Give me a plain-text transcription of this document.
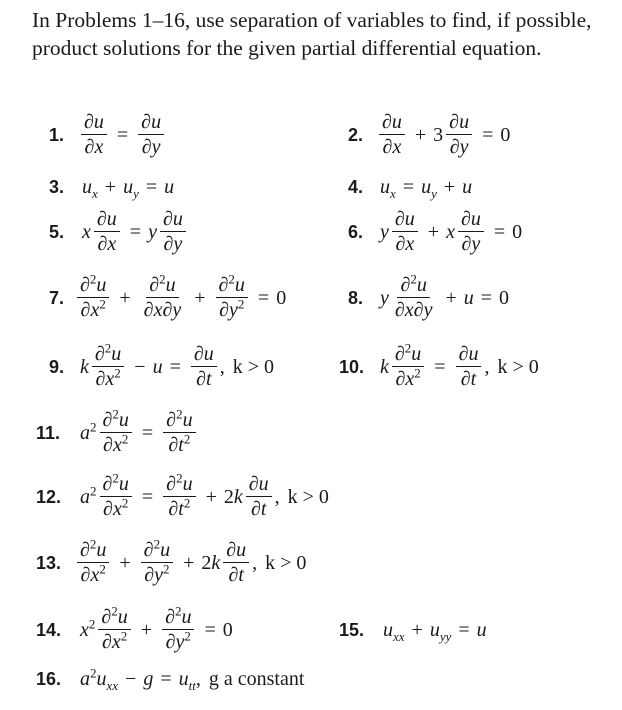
In Problems 1–16, use separation of variables to find, if possible, product solutions for the given partial differential equation.
1. $\frac{\partial u}{\partial x} = \frac{\partial u}{\partial y}$	2. $\frac{\partial u}{\partial x} + 3 \frac{\partial u}{\partial y} = 0$
3. $u_x + u_y = u$	4. $u_x = u_y + u$
5. x $\frac{\partial u}{\partial x} = y \frac{\partial u}{\partial y}$	6. y $\frac{\partial u}{\partial x} + x \frac{\partial u}{\partial y} = 0$
7. $\frac{\partial^2u}{\partial x^2} + \frac{\partial^2u}{\partial x\partial y} + \frac{\partial^2u}{\partial y^2} = 0$	8. y $\frac{\partial^2u}{\partial x\partial y} + u = 0$
9. k $\frac{\partial^2u}{\partial x^2} - u = \frac{\partial u}{\partial t}$ , k > 0	10. k $\frac{\partial^2u}{\partial x^2} = \frac{\partial u}{\partial t}$ , k > 0
11. $a^2 \frac{\partial^2u}{\partial x^2} = \frac{\partial^2u}{\partial t^2}$
12. $a^2 \frac{\partial^2u}{\partial x^2} = \frac{\partial^2u}{\partial t^2} + 2k \frac{\partial u}{\partial t}$ , k > 0
13. $\frac{\partial^2u}{\partial x^2} + \frac{\partial^2u}{\partial y^2} + 2k \frac{\partial u}{\partial t}$ , k > 0
14. $x^2 \frac{\partial^2u}{\partial x^2} + \frac{\partial^2u}{\partial y^2} = 0$	15. $u_{xx} + u_{yy} = u$
16. $a^2u_{xx} - g = u_{tt}$, g a constant
